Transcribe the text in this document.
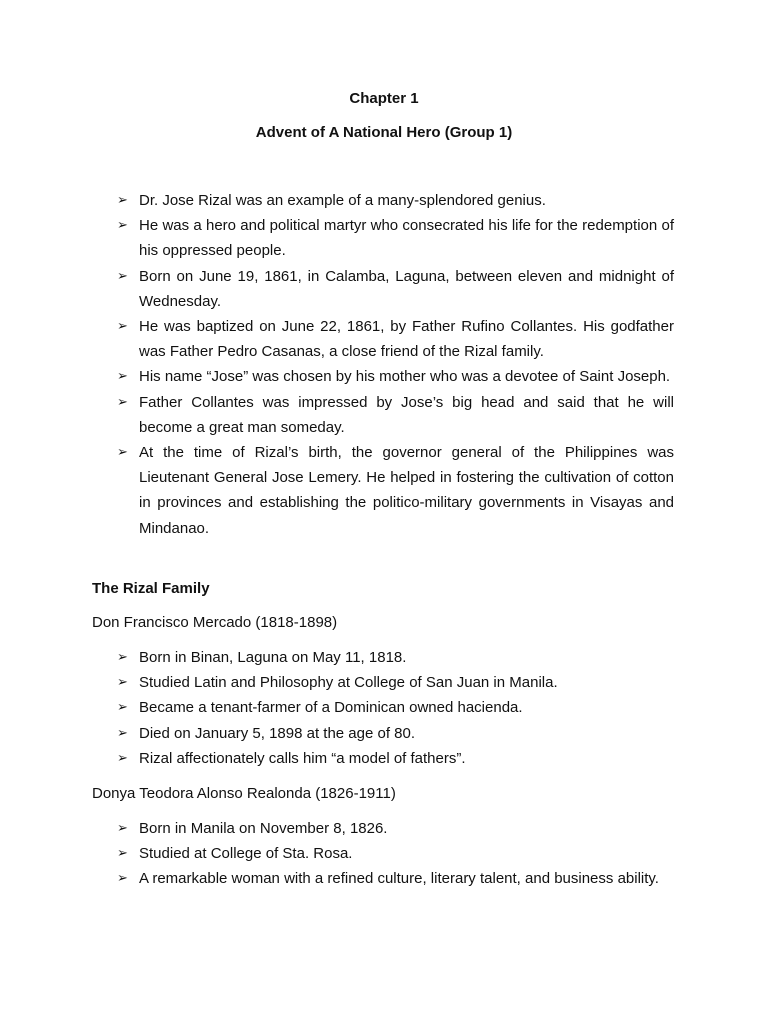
Chapter 1
Advent of A National Hero (Group 1)
➢ Dr. Jose Rizal was an example of a many-splendored genius.
➢ He was a hero and political martyr who consecrated his life for the redemption of his oppressed people.
➢ Born on June 19, 1861, in Calamba, Laguna, between eleven and midnight of Wednesday.
➢ He was baptized on June 22, 1861, by Father Rufino Collantes. His godfather was Father Pedro Casanas, a close friend of the Rizal family.
➢ His name “Jose” was chosen by his mother who was a devotee of Saint Joseph.
➢ Father Collantes was impressed by Jose’s big head and said that he will become a great man someday.
➢ At the time of Rizal’s birth, the governor general of the Philippines was Lieutenant General Jose Lemery. He helped in fostering the cultivation of cotton in provinces and establishing the politico-military governments in Visayas and Mindanao.
The Rizal Family
Don Francisco Mercado (1818-1898)
➢ Born in Binan, Laguna on May 11, 1818.
➢ Studied Latin and Philosophy at College of San Juan in Manila.
➢ Became a tenant-farmer of a Dominican owned hacienda.
➢ Died on January 5, 1898 at the age of 80.
➢ Rizal affectionately calls him “a model of fathers”.
Donya Teodora Alonso Realonda (1826-1911)
➢ Born in Manila on November 8, 1826.
➢ Studied at College of Sta. Rosa.
➢ A remarkable woman with a refined culture, literary talent, and business ability.
